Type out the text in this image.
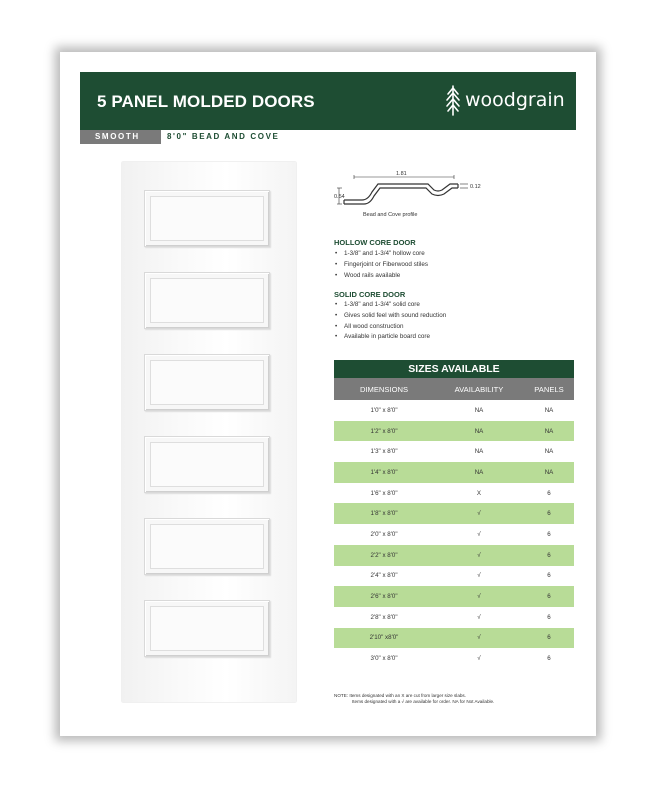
5 PANEL MOLDED DOORS	woodgrain
SMOOTH	8'0" BEAD AND COVE
1.81
0.12
0.54
Bead and Cove profile
HOLLOW CORE DOOR
• 1-3/8" and 1-3/4" hollow core
• Fingerjoint or Fiberwood stiles
• Wood rails available
SOLID CORE DOOR
• 1-3/8" and 1-3/4" solid core
• Gives solid feel with sound reduction
• All wood construction
• Available in particle board core
SIZES AVAILABLE
DIMENSIONS	AVAILABILITY	PANELS
1'0" x 8'0"	NA	NA
1'2" x 8'0"	NA	NA
1'3" x 8'0"	NA	NA
1'4" x 8'0"	NA	NA
1'6" x 8'0"	X	6
1'8" x 8'0"	√	6
2'0" x 8'0"	√	6
2'2" x 8'0"	√	6
2'4" x 8'0"	√	6
2'6" x 8'0"	√	6
2'8" x 8'0"	√	6
2'10" x8'0"	√	6
3'0" x 8'0"	√	6
NOTE: Items designated with an X are cut from larger size slabs.
Items designated with a √ are available for order. NA for Not Available.
